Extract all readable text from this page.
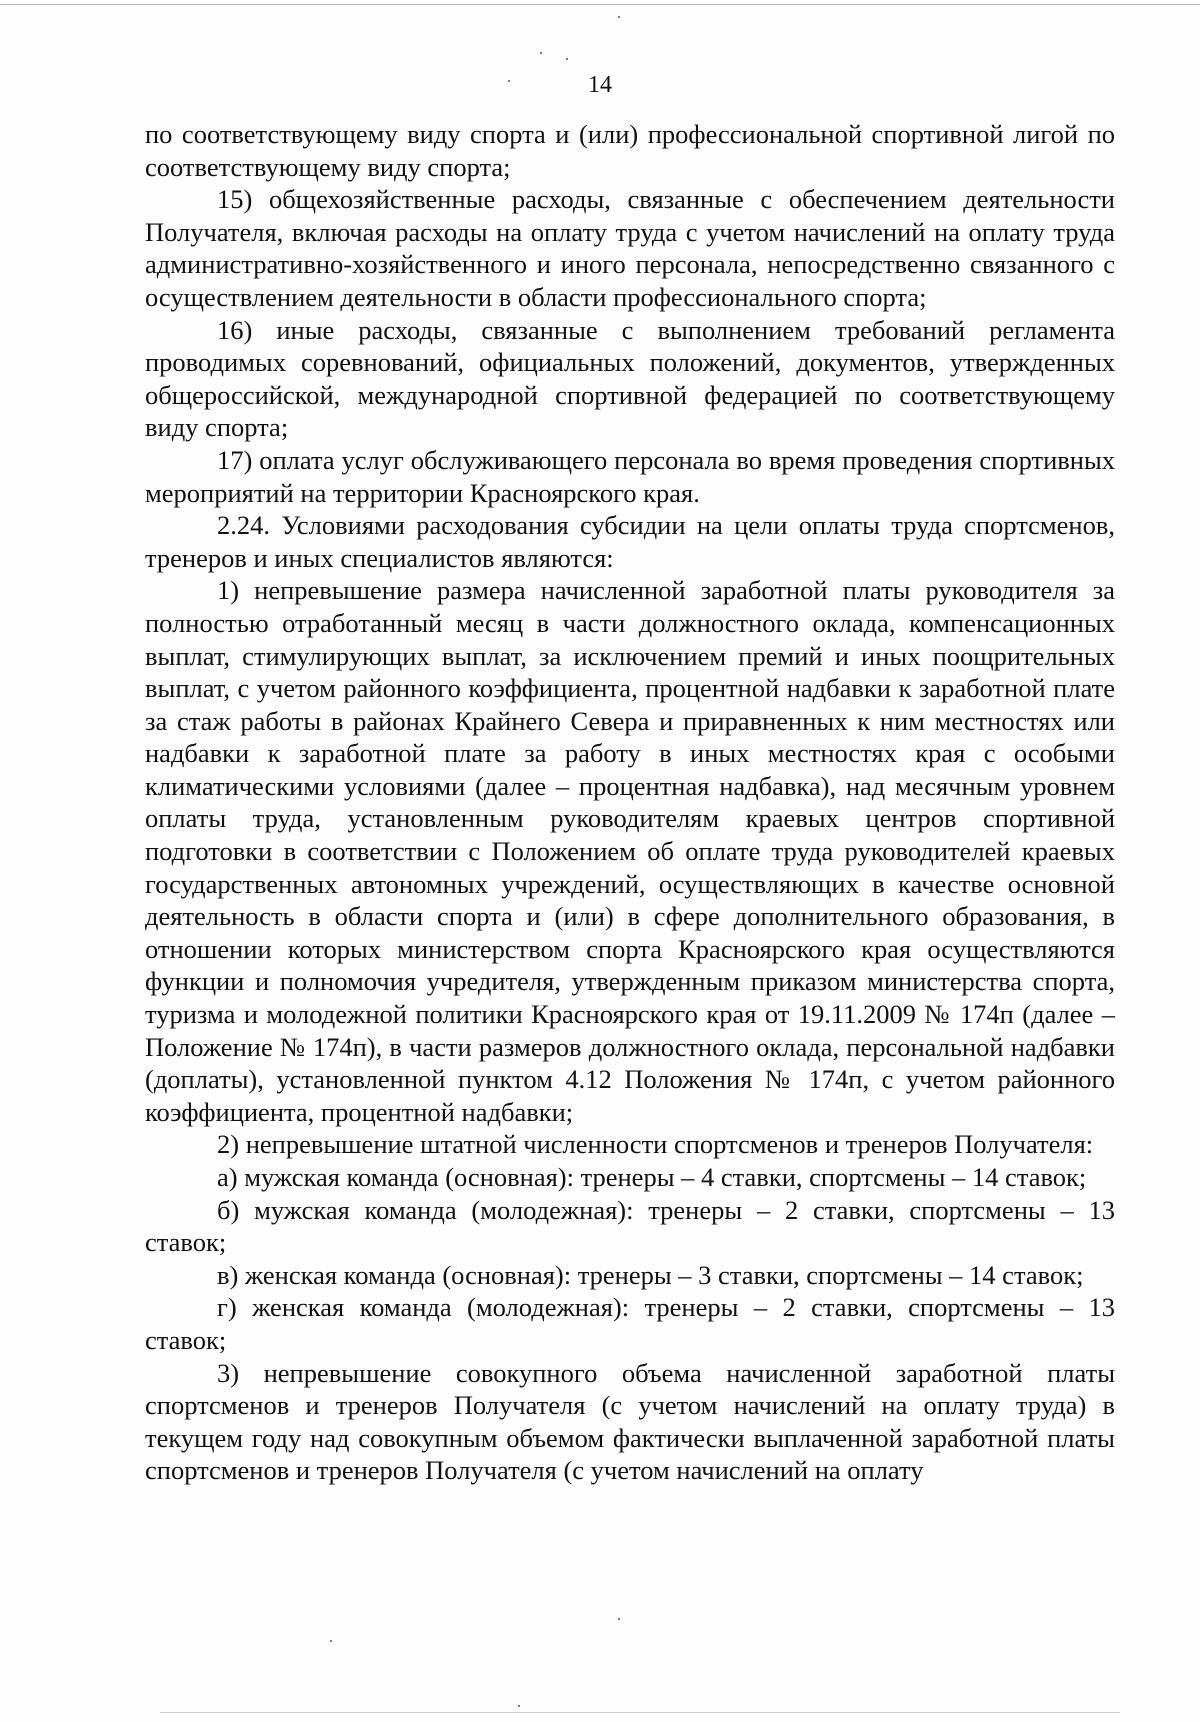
14

по соответствующему виду спорта и (или) профессиональной спортивной лигой по соответствующему виду спорта;

15) общехозяйственные расходы, связанные с обеспечением деятельности Получателя, включая расходы на оплату труда с учетом начислений на оплату труда административно-хозяйственного и иного персонала, непосредственно связанного с осуществлением деятельности в области профессионального спорта;

16) иные расходы, связанные с выполнением требований регламента проводимых соревнований, официальных положений, документов, утвержденных общероссийской, международной спортивной федерацией по соответствующему виду спорта;

17) оплата услуг обслуживающего персонала во время проведения спортивных мероприятий на территории Красноярского края.

2.24. Условиями расходования субсидии на цели оплаты труда спортсменов, тренеров и иных специалистов являются:

1) непревышение размера начисленной заработной платы руководителя за полностью отработанный месяц в части должностного оклада, компенсационных выплат, стимулирующих выплат, за исключением премий и иных поощрительных выплат, с учетом районного коэффициента, процентной надбавки к заработной плате за стаж работы в районах Крайнего Севера и приравненных к ним местностях или надбавки к заработной плате за работу в иных местностях края с особыми климатическими условиями (далее – процентная надбавка), над месячным уровнем оплаты труда, установленным руководителям краевых центров спортивной подготовки в соответствии с Положением об оплате труда руководителей краевых государственных автономных учреждений, осуществляющих в качестве основной деятельность в области спорта и (или) в сфере дополнительного образования, в отношении которых министерством спорта Красноярского края осуществляются функции и полномочия учредителя, утвержденным приказом министерства спорта, туризма и молодежной политики Красноярского края от 19.11.2009 № 174п (далее – Положение № 174п), в части размеров должностного оклада, персональной надбавки (доплаты), установленной пунктом 4.12 Положения № 174п, с учетом районного коэффициента, процентной надбавки;

2) непревышение штатной численности спортсменов и тренеров Получателя:

а) мужская команда (основная): тренеры – 4 ставки, спортсмены – 14 ставок;

б) мужская команда (молодежная): тренеры – 2 ставки, спортсмены – 13 ставок;

в) женская команда (основная): тренеры – 3 ставки, спортсмены – 14 ставок;

г) женская команда (молодежная): тренеры – 2 ставки, спортсмены – 13 ставок;

3) непревышение совокупного объема начисленной заработной платы спортсменов и тренеров Получателя (с учетом начислений на оплату труда) в текущем году над совокупным объемом фактически выплаченной заработной платы спортсменов и тренеров Получателя (с учетом начислений на оплату
